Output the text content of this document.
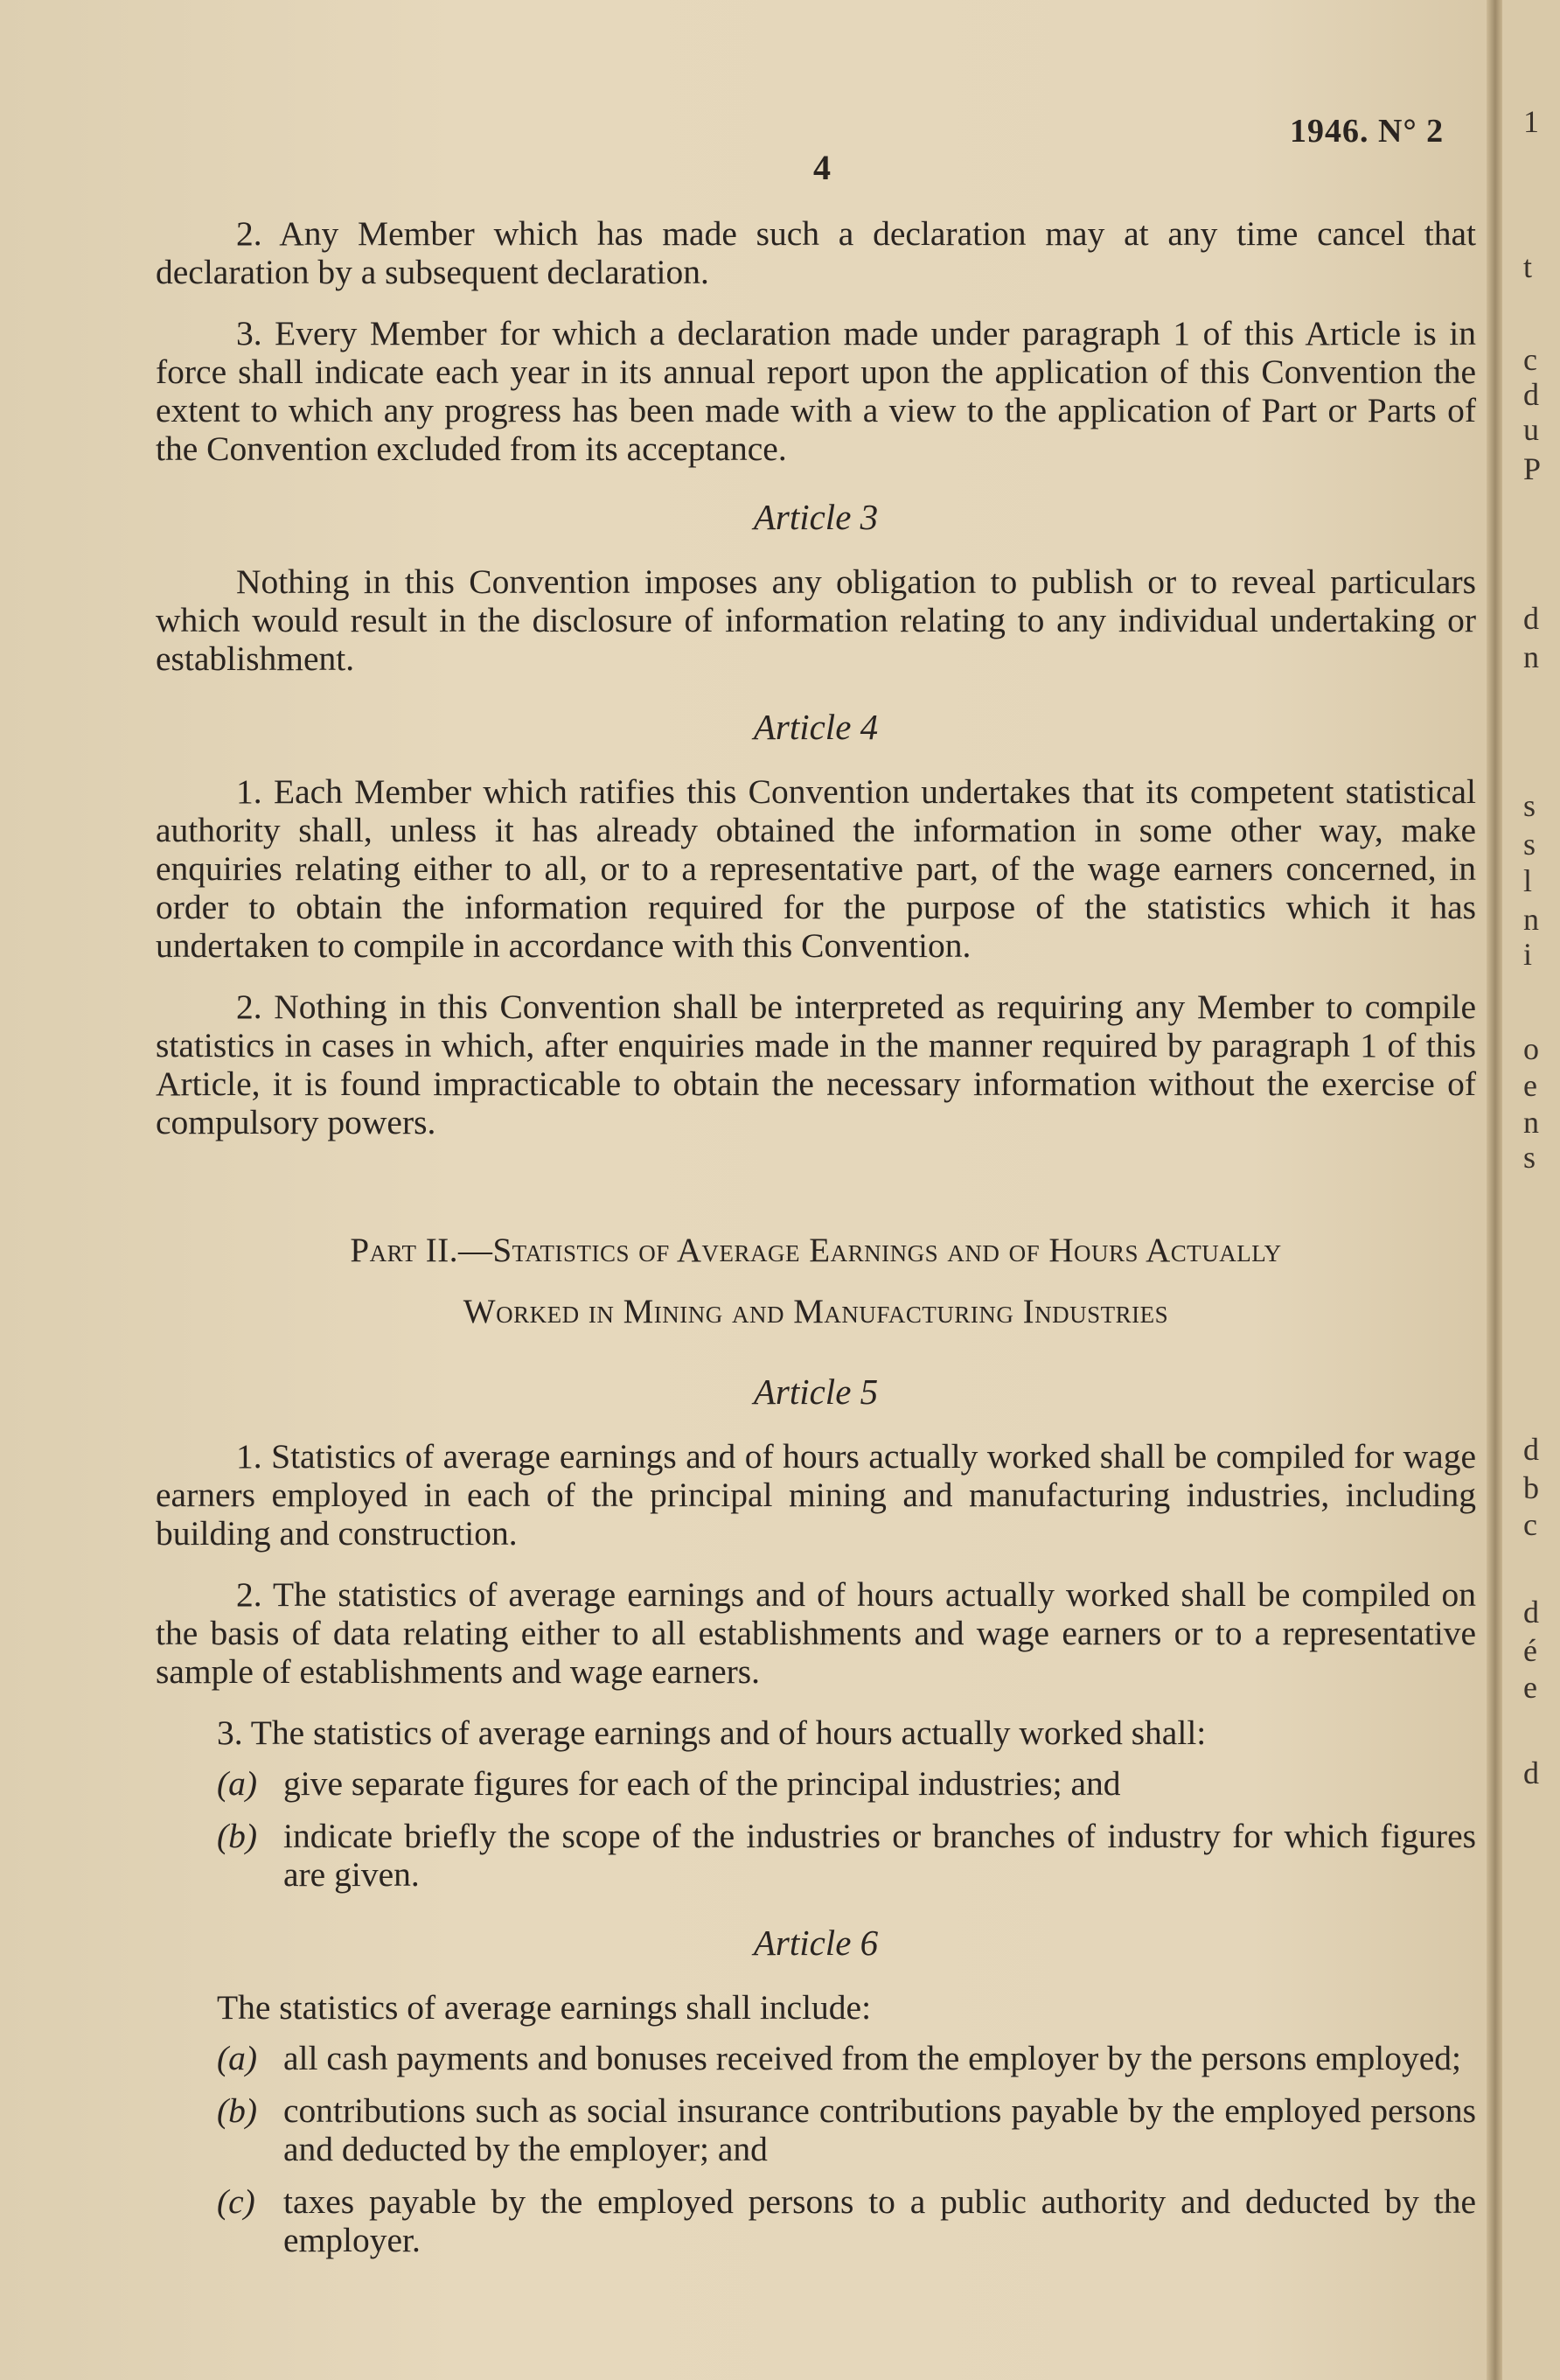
1
t
c
d
u
P
d
n
s
s
l
n
i
o
e
n
s
d
b
c
d
é
e
d
1946. N° 2
4

2. Any Member which has made such a declaration may at any time cancel that declaration by a subsequent declaration.

3. Every Member for which a declaration made under paragraph 1 of this Article is in force shall indicate each year in its annual report upon the application of this Convention the extent to which any progress has been made with a view to the application of Part or Parts of the Convention excluded from its acceptance.

Article 3

Nothing in this Convention imposes any obligation to publish or to reveal particulars which would result in the disclosure of information relating to any individual undertaking or establishment.

Article 4

1. Each Member which ratifies this Convention undertakes that its competent statistical authority shall, unless it has already obtained the information in some other way, make enquiries relating either to all, or to a representative part, of the wage earners concerned, in order to obtain the information required for the purpose of the statistics which it has undertaken to compile in accordance with this Convention.

2. Nothing in this Convention shall be interpreted as requiring any Member to compile statistics in cases in which, after enquiries made in the manner required by paragraph 1 of this Article, it is found impracticable to obtain the necessary information without the exercise of compulsory powers.

Part II.—Statistics of Average Earnings and of Hours Actually
Worked in Mining and Manufacturing Industries
Article 5

1. Statistics of average earnings and of hours actually worked shall be compiled for wage earners employed in each of the principal mining and manufacturing industries, including building and construction.

2. The statistics of average earnings and of hours actually worked shall be compiled on the basis of data relating either to all establishments and wage earners or to a representative sample of establishments and wage earners.

3. The statistics of average earnings and of hours actually worked shall:

(a) give separate figures for each of the principal industries; and
(b) indicate briefly the scope of the industries or branches of industry for which figures are given.
Article 6

The statistics of average earnings shall include:

(a) all cash payments and bonuses received from the employer by the persons employed;
(b) contributions such as social insurance contributions payable by the employed persons and deducted by the employer; and
(c) taxes payable by the employed persons to a public authority and deducted by the employer.
